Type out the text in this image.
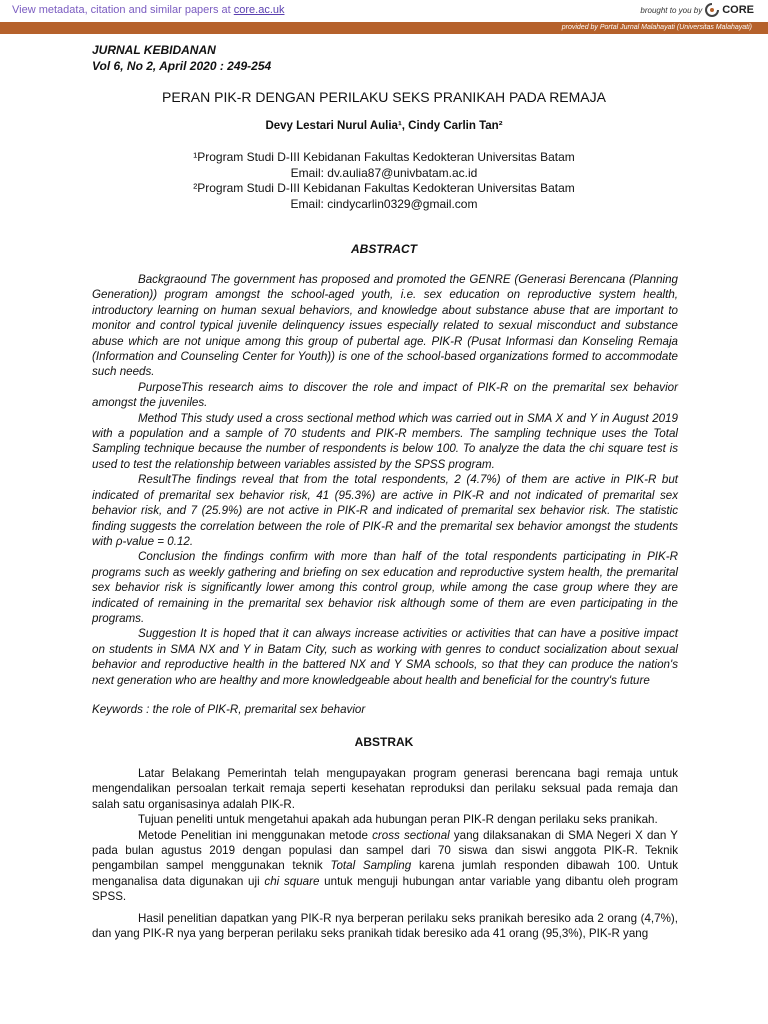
View metadata, citation and similar papers at core.ac.uk	brought to you by CORE
provided by Portal Jurnal Malahayati (Universitas Malahayati)
JURNAL KEBIDANAN
Vol 6, No 2, April 2020 : 249-254
PERAN PIK-R DENGAN PERILAKU SEKS PRANIKAH PADA REMAJA
Devy Lestari Nurul Aulia¹, Cindy Carlin Tan²
¹Program Studi D-III Kebidanan Fakultas Kedokteran Universitas Batam
Email: dv.aulia87@univbatam.ac.id
²Program Studi D-III Kebidanan Fakultas Kedokteran Universitas Batam
Email: cindycarlin0329@gmail.com
ABSTRACT

Backgraound The government has proposed and promoted the GENRE (Generasi Berencana (Planning Generation)) program amongst the school-aged youth, i.e. sex education on reproductive system health, introductory learning on human sexual behaviors, and knowledge about substance abuse that are important to monitor and control typical juvenile delinquency issues especially related to sexual misconduct and substance abuse which are not unique among this group of pubertal age. PIK-R (Pusat Informasi dan Konseling Remaja (Information and Counseling Center for Youth)) is one of the school-based organizations formed to accommodate such needs.

PurposeThis research aims to discover the role and impact of PIK-R on the premarital sex behavior amongst the juveniles.

Method This study used a cross sectional method which was carried out in SMA X and Y in August 2019 with a population and a sample of 70 students and PIK-R members. The sampling technique uses the Total Sampling technique because the number of respondents is below 100. To analyze the data the chi square test is used to test the relationship between variables assisted by the SPSS program.

ResultThe findings reveal that from the total respondents, 2 (4.7%) of them are active in PIK-R but indicated of premarital sex behavior risk, 41 (95.3%) are active in PIK-R and not indicated of premarital sex behavior risk, and 7 (25.9%) are not active in PIK-R and indicated of premarital sex behavior risk. The statistic finding suggests the correlation between the role of PIK-R and the premarital sex behavior amongst the students with ρ-value = 0.12.

Conclusion the findings confirm with more than half of the total respondents participating in PIK-R programs such as weekly gathering and briefing on sex education and reproductive system health, the premarital sex behavior risk is significantly lower among this control group, while among the case group where they are indicated of remaining in the premarital sex behavior risk although some of them are even participating in the programs.

Suggestion It is hoped that it can always increase activities or activities that can have a positive impact on students in SMA NX and Y in Batam City, such as working with genres to conduct socialization about sexual behavior and reproductive health in the battered NX and Y SMA schools, so that they can produce the nation's next generation who are healthy and more knowledgeable about health and beneficial for the country's future

Keywords : the role of PIK-R, premarital sex behavior
ABSTRAK

Latar Belakang Pemerintah telah mengupayakan program generasi berencana bagi remaja untuk mengendalikan persoalan terkait remaja seperti kesehatan reproduksi dan perilaku seksual pada remaja dan salah satu organisasinya adalah PIK-R.

Tujuan peneliti untuk mengetahui apakah ada hubungan peran PIK-R dengan perilaku seks pranikah.

Metode Penelitian ini menggunakan metode cross sectional yang dilaksanakan di SMA Negeri X dan Y pada bulan agustus 2019 dengan populasi dan sampel dari 70 siswa dan siswi anggota PIK-R. Teknik pengambilan sampel menggunakan teknik Total Sampling karena jumlah responden dibawah 100. Untuk menganalisa data digunakan uji chi square untuk menguji hubungan antar variable yang dibantu oleh program SPSS.

Hasil penelitian dapatkan yang PIK-R nya berperan perilaku seks pranikah beresiko ada 2 orang (4,7%), dan yang PIK-R nya yang berperan perilaku seks pranikah tidak beresiko ada 41 orang (95,3%), PIK-R yang
